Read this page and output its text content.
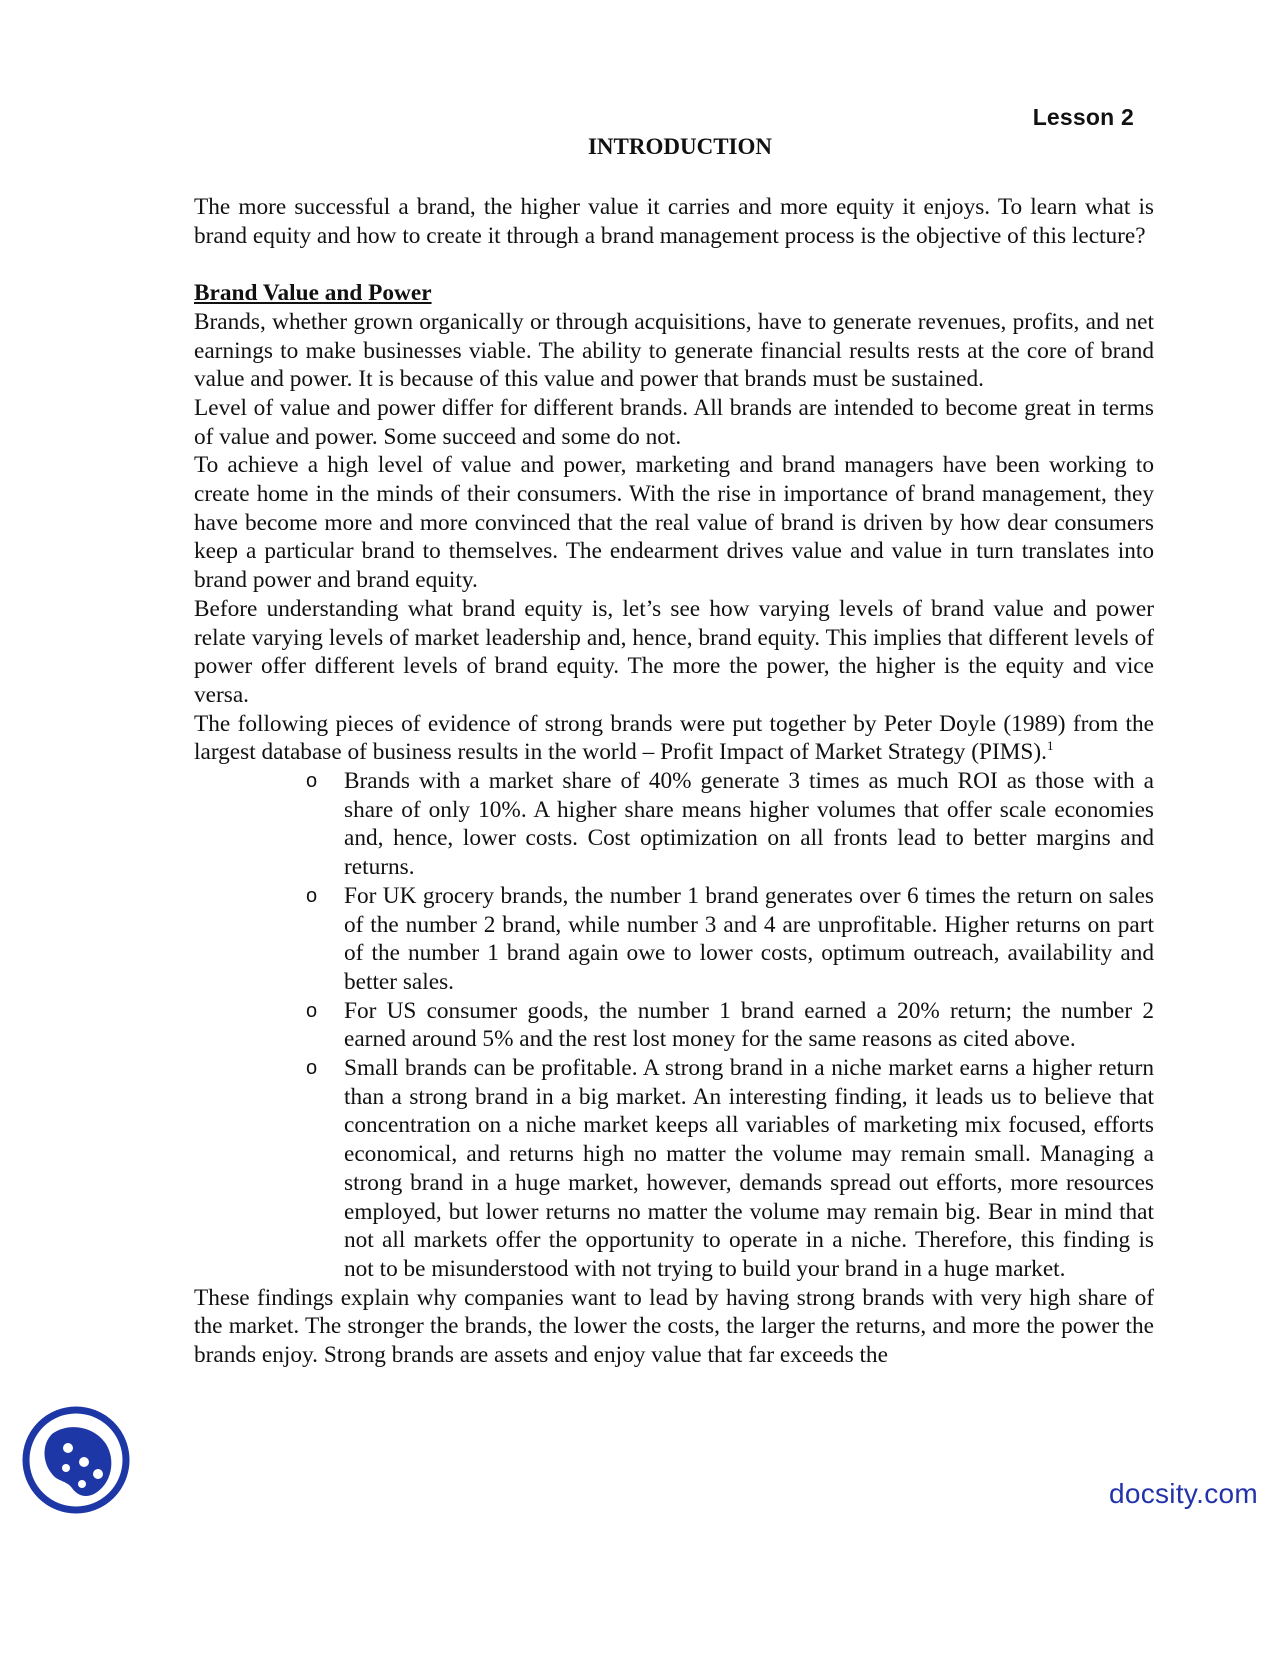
Lesson 2
INTRODUCTION

The more successful a brand, the higher value it carries and more equity it enjoys. To learn what is brand equity and how to create it through a brand management process is the objective of this lecture?

Brand Value and Power

Brands, whether grown organically or through acquisitions, have to generate revenues, profits, and net earnings to make businesses viable. The ability to generate financial results rests at the core of brand value and power. It is because of this value and power that brands must be sustained.

Level of value and power differ for different brands. All brands are intended to become great in terms of value and power. Some succeed and some do not.

To achieve a high level of value and power, marketing and brand managers have been working to create home in the minds of their consumers. With the rise in importance of brand management, they have become more and more convinced that the real value of brand is driven by how dear consumers keep a particular brand to themselves. The endearment drives value and value in turn translates into brand power and brand equity.

Before understanding what brand equity is, let’s see how varying levels of brand value and power relate varying levels of market leadership and, hence, brand equity. This implies that different levels of power offer different levels of brand equity. The more the power, the higher is the equity and vice versa.

The following pieces of evidence of strong brands were put together by Peter Doyle (1989) from the largest database of business results in the world – Profit Impact of Market Strategy (PIMS).$^1$

o Brands with a market share of 40% generate 3 times as much ROI as those with a share of only 10%. A higher share means higher volumes that offer scale economies and, hence, lower costs. Cost optimization on all fronts lead to better margins and returns.
o For UK grocery brands, the number 1 brand generates over 6 times the return on sales of the number 2 brand, while number 3 and 4 are unprofitable. Higher returns on part of the number 1 brand again owe to lower costs, optimum outreach, availability and better sales.
o For US consumer goods, the number 1 brand earned a 20% return; the number 2 earned around 5% and the rest lost money for the same reasons as cited above.
o Small brands can be profitable. A strong brand in a niche market earns a higher return than a strong brand in a big market. An interesting finding, it leads us to believe that concentration on a niche market keeps all variables of marketing mix focused, efforts economical, and returns high no matter the volume may remain small. Managing a strong brand in a huge market, however, demands spread out efforts, more resources employed, but lower returns no matter the volume may remain big. Bear in mind that not all markets offer the opportunity to operate in a niche. Therefore, this finding is not to be misunderstood with not trying to build your brand in a huge market.

These findings explain why companies want to lead by having strong brands with very high share of the market. The stronger the brands, the lower the costs, the larger the returns, and more the power the brands enjoy. Strong brands are assets and enjoy value that far exceeds the

docsity.com
